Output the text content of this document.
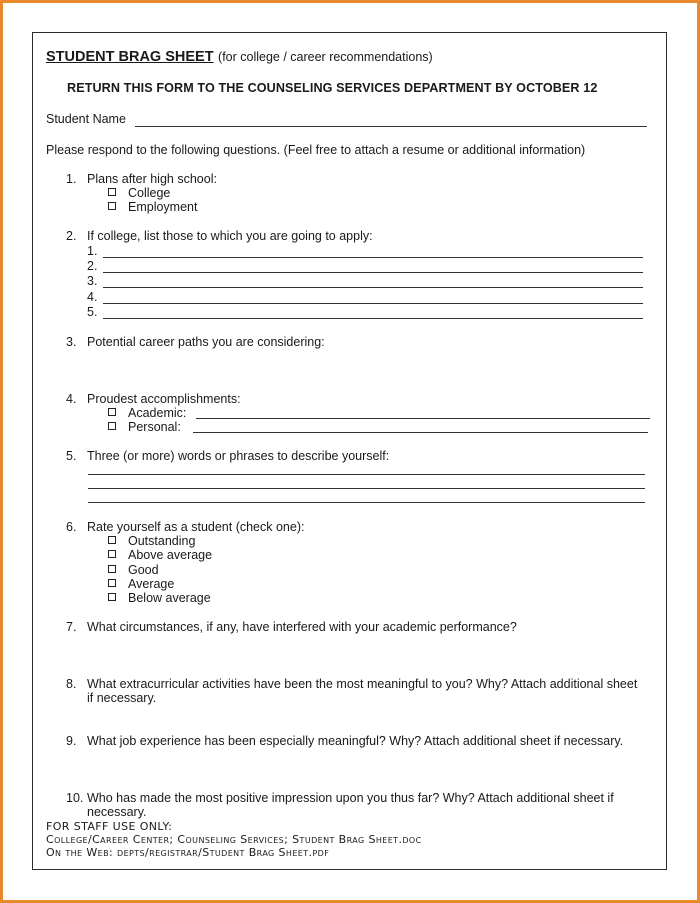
STUDENT BRAG SHEET (for college / career recommendations)
RETURN THIS FORM TO THE COUNSELING SERVICES DEPARTMENT BY OCTOBER 12
Student Name
Please respond to the following questions. (Feel free to attach a resume or additional information)
1. Plans after high school:
College
Employment
2. If college, list those to which you are going to apply:
1.
2.
3.
4.
5.
3. Potential career paths you are considering:
4. Proudest accomplishments:
Academic:
Personal:
5. Three (or more) words or phrases to describe yourself:
6. Rate yourself as a student (check one):
Outstanding
Above average
Good
Average
Below average
7. What circumstances, if any, have interfered with your academic performance?
8. What extracurricular activities have been the most meaningful to you? Why? Attach additional sheet
if necessary.
9. What job experience has been especially meaningful? Why? Attach additional sheet if necessary.
10. Who has made the most positive impression upon you thus far? Why? Attach additional sheet if
necessary.
FOR STAFF USE ONLY:
College/Career Center; Counseling Services; Student Brag Sheet.doc
On the Web: depts/registrar/Student Brag Sheet.pdf
